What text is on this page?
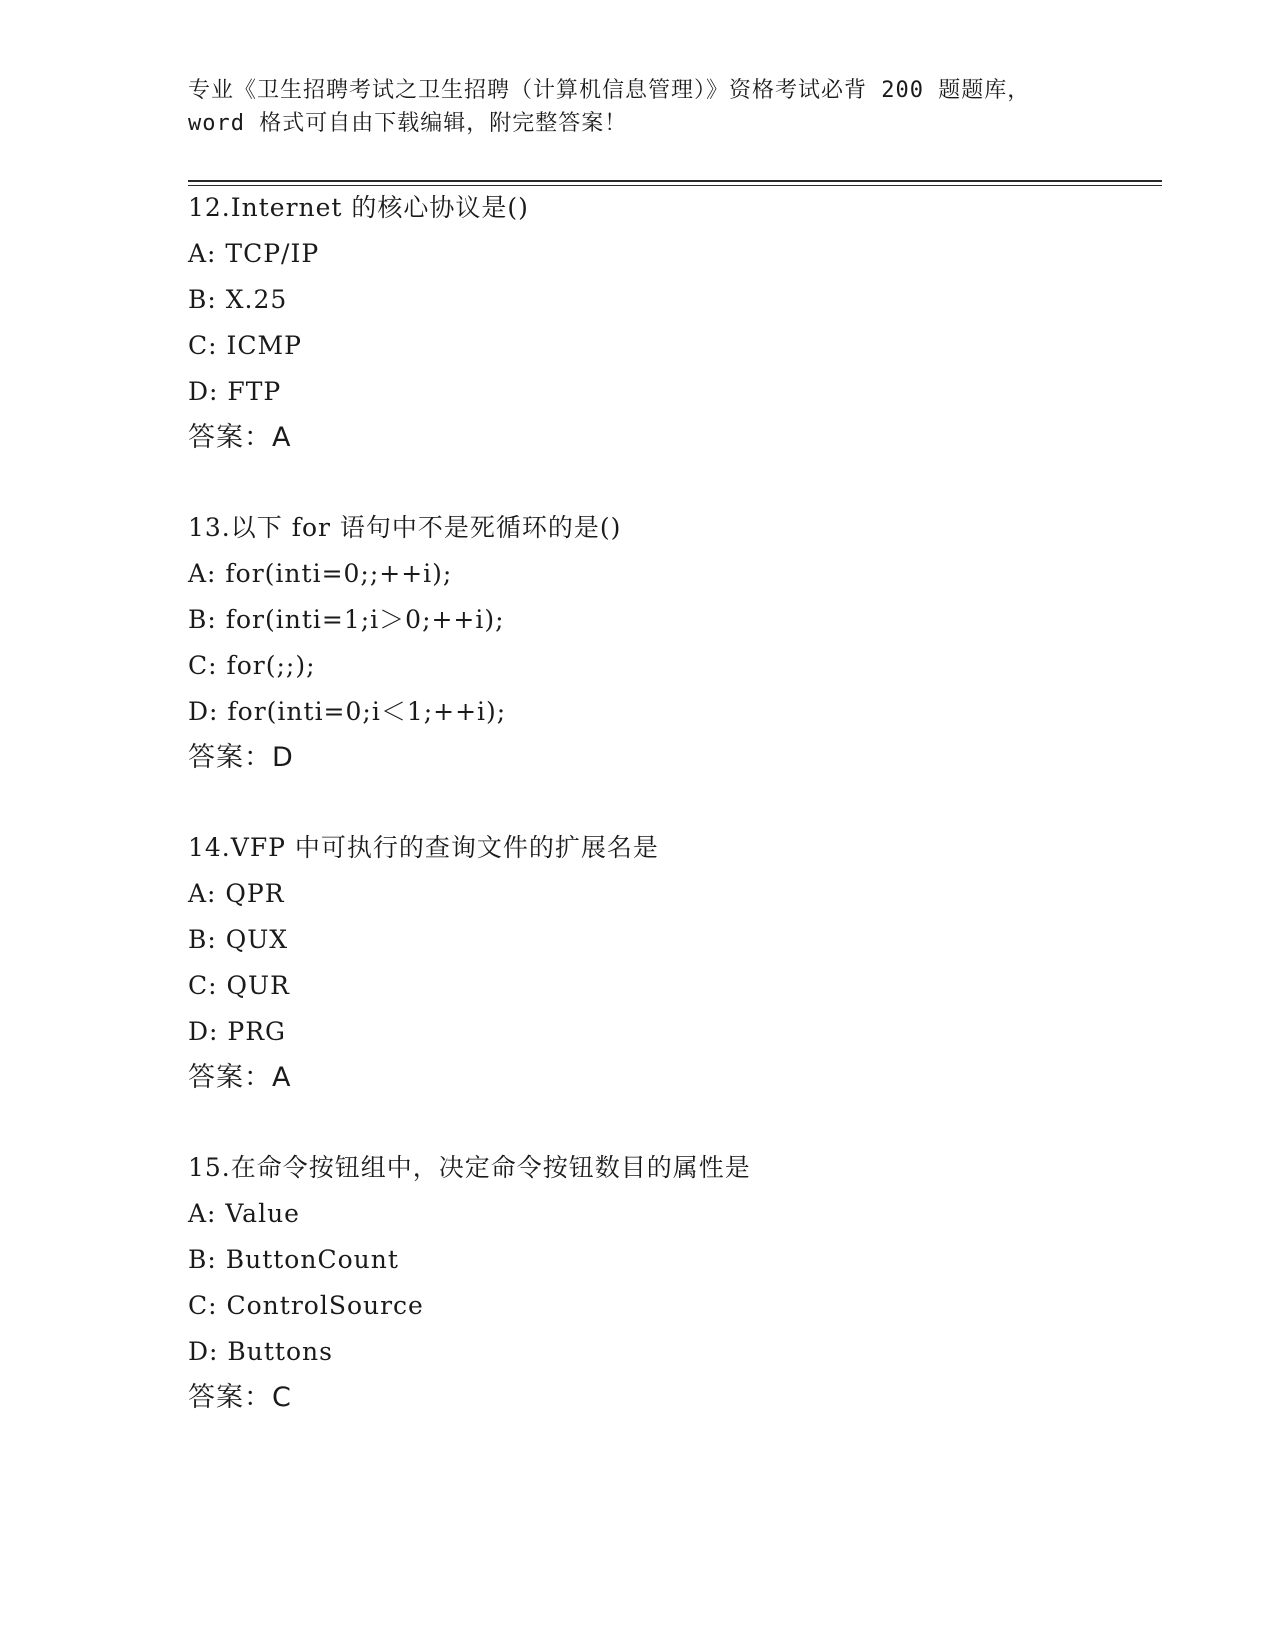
专业《卫生招聘考试之卫生招聘（计算机信息管理）》资格考试必背 200 题题库，
word 格式可自由下载编辑，附完整答案！
12.Internet 的核心协议是()
A: TCP/IP
B: X.25
C: ICMP
D: FTP
答案：A
13.以下 for 语句中不是死循环的是()
A: for(inti=0;;++i);
B: for(inti=1;i＞0;++i);
C: for(;;);
D: for(inti=0;i＜1;++i);
答案：D
14.VFP 中可执行的查询文件的扩展名是
A: QPR
B: QUX
C: QUR
D: PRG
答案：A
15.在命令按钮组中，决定命令按钮数目的属性是
A: Value
B: ButtonCount
C: ControlSource
D: Buttons
答案：C
